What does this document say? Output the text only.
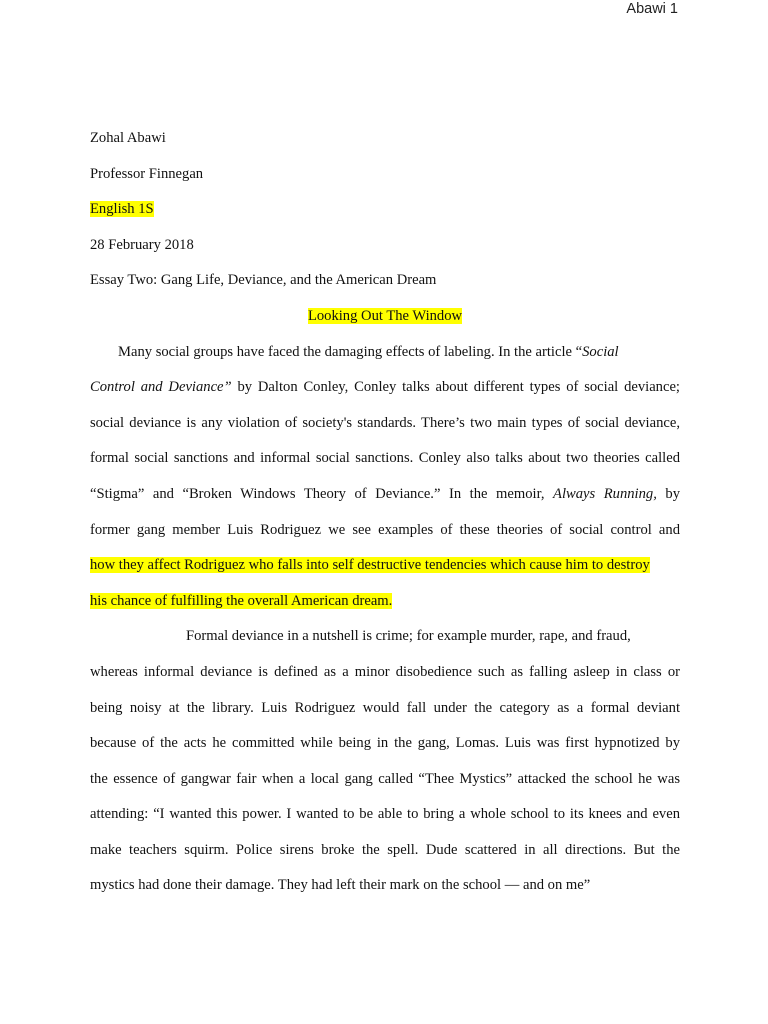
Abawi 1
Zohal Abawi
Professor Finnegan
English 1S
28 February 2018
Essay Two: Gang Life, Deviance, and the American Dream
Looking Out The Window
Many social groups have faced the damaging effects of labeling. In the article “Social
Control and Deviance” by Dalton Conley, Conley talks about different types of social deviance;
social deviance is any violation of society's standards. There’s two main types of social deviance,
formal social sanctions and informal social sanctions. Conley also talks about two theories called
“Stigma” and “Broken Windows Theory of Deviance.” In the memoir, Always Running, by
former gang member Luis Rodriguez we see examples of these theories of social control and
how they affect Rodriguez who falls into self destructive tendencies which cause him to destroy
his chance of fulfilling the overall American dream.
Formal deviance in a nutshell is crime; for example murder, rape, and fraud,
whereas informal deviance is defined as a minor disobedience such as falling asleep in class or
being noisy at the library. Luis Rodriguez would fall under the category as a formal deviant
because of the acts he committed while being in the gang, Lomas. Luis was first hypnotized by
the essence of gangwar fair when a local gang called “Thee Mystics” attacked the school he was
attending: “I wanted this power. I wanted to be able to bring a whole school to its knees and even
make teachers squirm. Police sirens broke the spell. Dude scattered in all directions. But the
mystics had done their damage. They had left their mark on the school — and on me”
